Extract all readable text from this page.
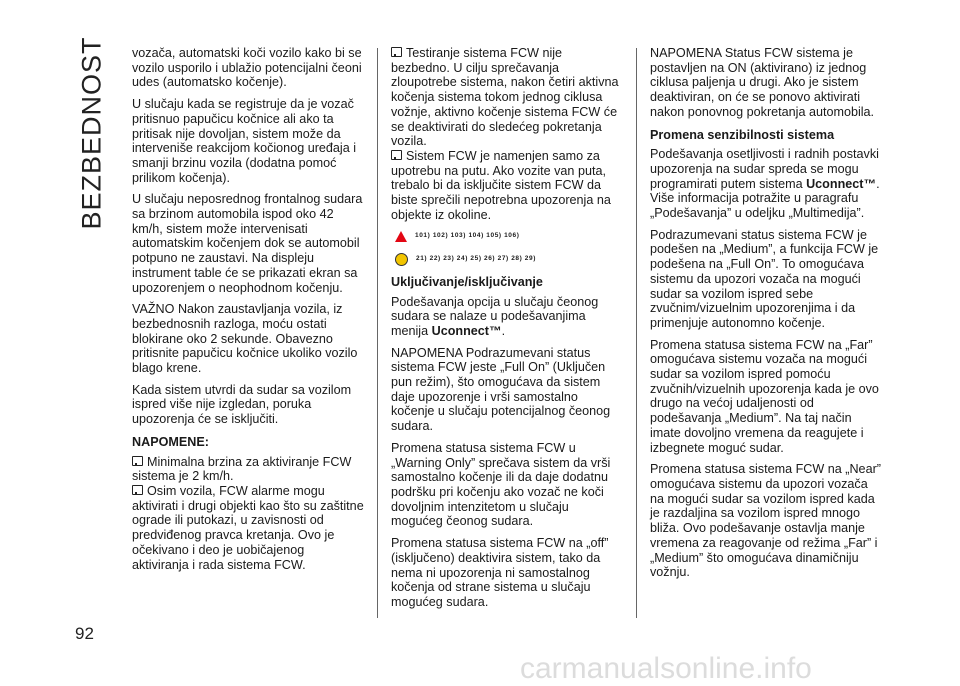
BEZBEDNOST vozača, automatski koči vozilo kako bi se vozilo usporilo i ublažio potencijalni čeoni udes (automatsko kočenje).

U slučaju kada se registruje da je vozač pritisnuo papučicu kočnice ali ako ta pritisak nije dovoljan, sistem može da interveniše reakcijom kočionog uređaja i smanji brzinu vozila (dodatna pomoć prilikom kočenja).

U slučaju neposrednog frontalnog sudara sa brzinom automobila ispod oko 42 km/h, sistem može intervenisati automatskim kočenjem dok se automobil potpuno ne zaustavi. Na displeju instrument table će se prikazati ekran sa upozorenjem o neophodnom kočenju.

VAŽNO Nakon zaustavljanja vozila, iz bezbednosnih razloga, moću ostati blokirane oko 2 sekunde. Obavezno pritisnite papučicu kočnice ukoliko vozilo blago krene.

Kada sistem utvrdi da sudar sa vozilom ispred više nije izgledan, poruka upozorenja će se isključiti.

NAPOMENE:

Minimalna brzina za aktiviranje FCW sistema je 2 km/h.

Osim vozila, FCW alarme mogu aktivirati i drugi objekti kao što su zaštitne ograde ili putokazi, u zavisnosti od predviđenog pravca kretanja. Ovo je očekivano i deo je uobičajenog aktiviranja i rada sistema FCW.

Testiranje sistema FCW nije bezbedno. U cilju sprečavanja zloupotrebe sistema, nakon četiri aktivna kočenja sistema tokom jednog ciklusa vožnje, aktivno kočenje sistema FCW će se deaktivirati do sledećeg pokretanja vozila.

Sistem FCW je namenjen samo za upotrebu na putu. Ako vozite van puta, trebalo bi da isključite sistem FCW da biste sprečili nepotrebna upozorenja na objekte iz okoline.

101) 102) 103) 104) 105) 106)
21) 22) 23) 24) 25) 26) 27) 28) 29)
Uključivanje/isključivanje

Podešavanja opcija u slučaju čeonog sudara se nalaze u podešavanjima menija Uconnect™.

NAPOMENA Podrazumevani status sistema FCW jeste „Full On” (Uključen pun režim), što omogućava da sistem daje upozorenje i vrši samostalno kočenje u slučaju potencijalnog čeonog sudara.

Promena statusa sistema FCW u „Warning Only” sprečava sistem da vrši samostalno kočenje ili da daje dodatnu podršku pri kočenju ako vozač ne koči dovoljnim intenzitetom u slučaju mogućeg čeonog sudara.

Promena statusa sistema FCW na „off” (isključeno) deaktivira sistem, tako da nema ni upozorenja ni samostalnog kočenja od strane sistema u slučaju mogućeg sudara.

NAPOMENA Status FCW sistema je postavljen na ON (aktivirano) iz jednog ciklusa paljenja u drugi. Ako je sistem deaktiviran, on će se ponovo aktivirati nakon ponovnog pokretanja automobila.

Promena senzibilnosti sistema

Podešavanja osetljivosti i radnih postavki upozorenja na sudar spreda se mogu programirati putem sistema Uconnect™. Više informacija potražite u paragrafu „Podešavanja” u odeljku „Multimedija”.

Podrazumevani status sistema FCW je podešen na „Medium”, a funkcija FCW je podešena na „Full On”. To omogućava sistemu da upozori vozača na mogući sudar sa vozilom ispred sebe zvučnim/vizuelnim upozorenjima i da primenjuje autonomno kočenje.

Promena statusa sistema FCW na „Far” omogućava sistemu vozača na mogući sudar sa vozilom ispred pomoću zvučnih/vizuelnih upozorenja kada je ovo drugo na većoj udaljenosti od podešavanja „Medium”. Na taj način imate dovoljno vremena da reagujete i izbegnete moguć sudar.

Promena statusa sistema FCW na „Near” omogućava sistemu da upozori vozača na mogući sudar sa vozilom ispred kada je razdaljina sa vozilom ispred mnogo bliža. Ovo podešavanje ostavlja manje vremena za reagovanje od režima „Far” i „Medium” što omogućava dinamičniju vožnju.

92
carmanualsonline.info
